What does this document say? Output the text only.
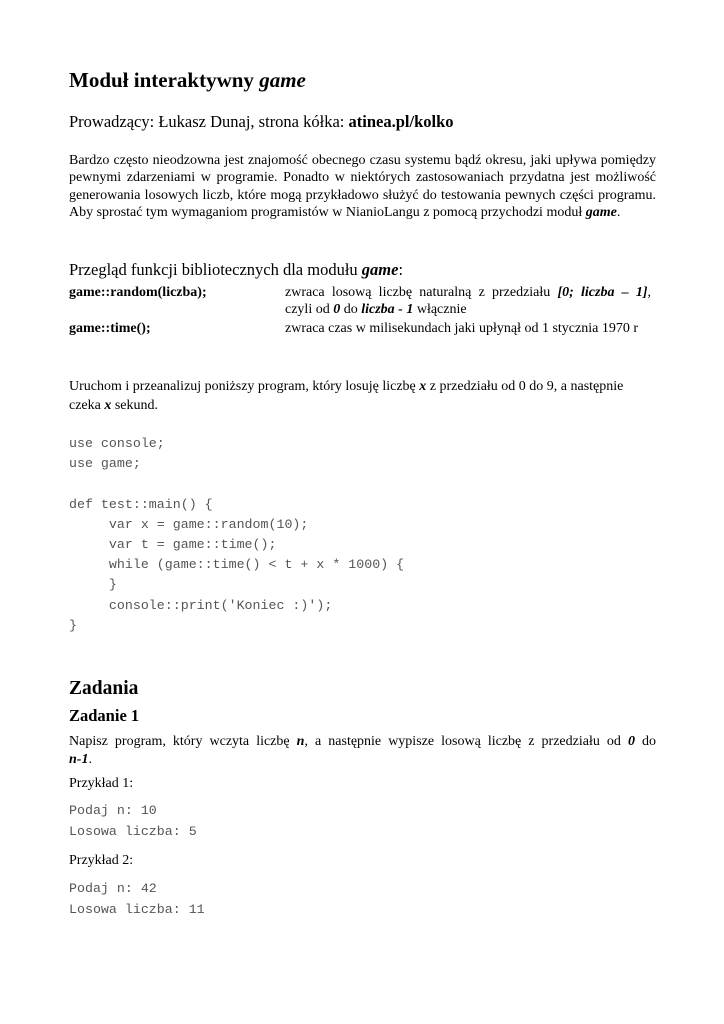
Moduł interaktywny game
Prowadzący: Łukasz Dunaj, strona kółka: atinea.pl/kolko
Bardzo często nieodzowna jest znajomość obecnego czasu systemu bądź okresu, jaki upływa pomiędzy pewnymi zdarzeniami w programie. Ponadto w niektórych zastosowaniach przydatna jest możliwość generowania losowych liczb, które mogą przykładowo służyć do testowania pewnych części programu. Aby sprostać tym wymaganiom programistów w NianioLangu z pomocą przychodzi moduł game.
Przegląd funkcji bibliotecznych dla modułu game:
game::random(liczba);	zwraca losową liczbę naturalną z przedziału [0; liczba – 1],
czyli od 0 do liczba - 1 włącznie
game::time();	zwraca czas w milisekundach jaki upłynął od 1 stycznia 1970 r
Uruchom i przeanalizuj poniższy program, który losuję liczbę x z przedziału od 0 do 9, a następnie czeka x sekund.
use console;
use game;
def test::main() {
var x = game::random(10);
var t = game::time();
while (game::time() < t + x * 1000) {
}
console::print('Koniec :)');
}
Zadania
Zadanie 1
Napisz program, który wczyta liczbę n, a następnie wypisze losową liczbę z przedziału od 0 do
n-1.
Przykład 1:
Podaj n: 10
Losowa liczba: 5
Przykład 2:
Podaj n: 42
Losowa liczba: 11
